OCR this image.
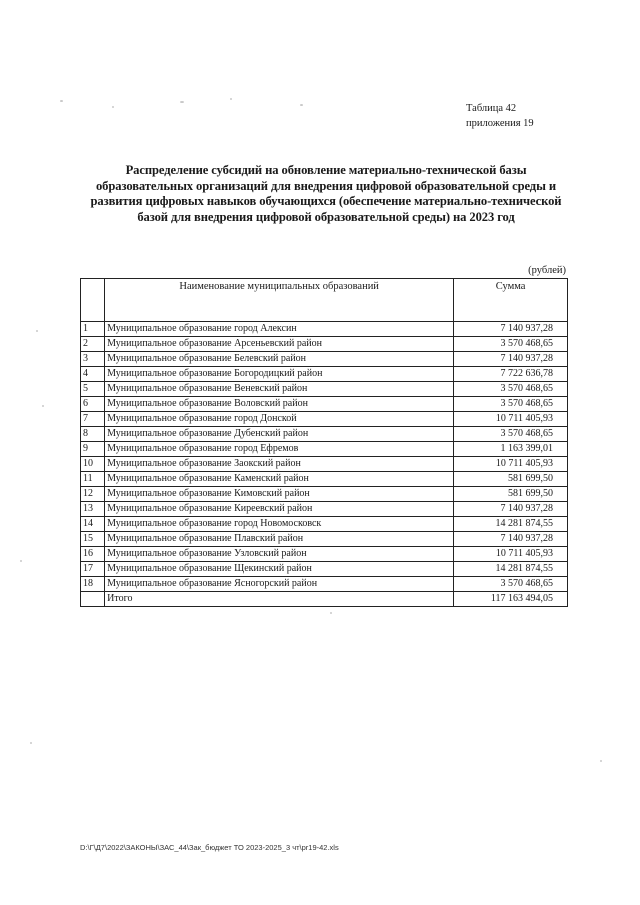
Таблица 42
приложения 19
Распределение субсидий на обновление материально-технической базы образовательных организаций для внедрения цифровой образовательной среды и развития цифровых навыков обучающихся (обеспечение материально-технической базой для внедрения цифровой образовательной среды) на 2023 год
(рублей)
	Наименование муниципальных образований	Сумма
1	Муниципальное образование город Алексин	7 140 937,28
2	Муниципальное образование Арсеньевский район	3 570 468,65
3	Муниципальное образование Белевский район	7 140 937,28
4	Муниципальное образование Богородицкий район	7 722 636,78
5	Муниципальное образование Веневский район	3 570 468,65
6	Муниципальное образование Воловский район	3 570 468,65
7	Муниципальное образование город Донской	10 711 405,93
8	Муниципальное образование Дубенский район	3 570 468,65
9	Муниципальное образование город Ефремов	1 163 399,01
10	Муниципальное образование Заокский район	10 711 405,93
11	Муниципальное образование Каменский район	581 699,50
12	Муниципальное образование Кимовский район	581 699,50
13	Муниципальное образование Киреевский район	7 140 937,28
14	Муниципальное образование город Новомосковск	14 281 874,55
15	Муниципальное образование Плавский район	7 140 937,28
16	Муниципальное образование Узловский район	10 711 405,93
17	Муниципальное образование Щекинский район	14 281 874,55
18	Муниципальное образование Ясногорский район	3 570 468,65
	Итого	117 163 494,05
D:\Г\Д7\2022\ЗАКОНЫ\ЗАС_44\Зак_бюджет ТО 2023-2025_3 чт\pr19-42.xls
